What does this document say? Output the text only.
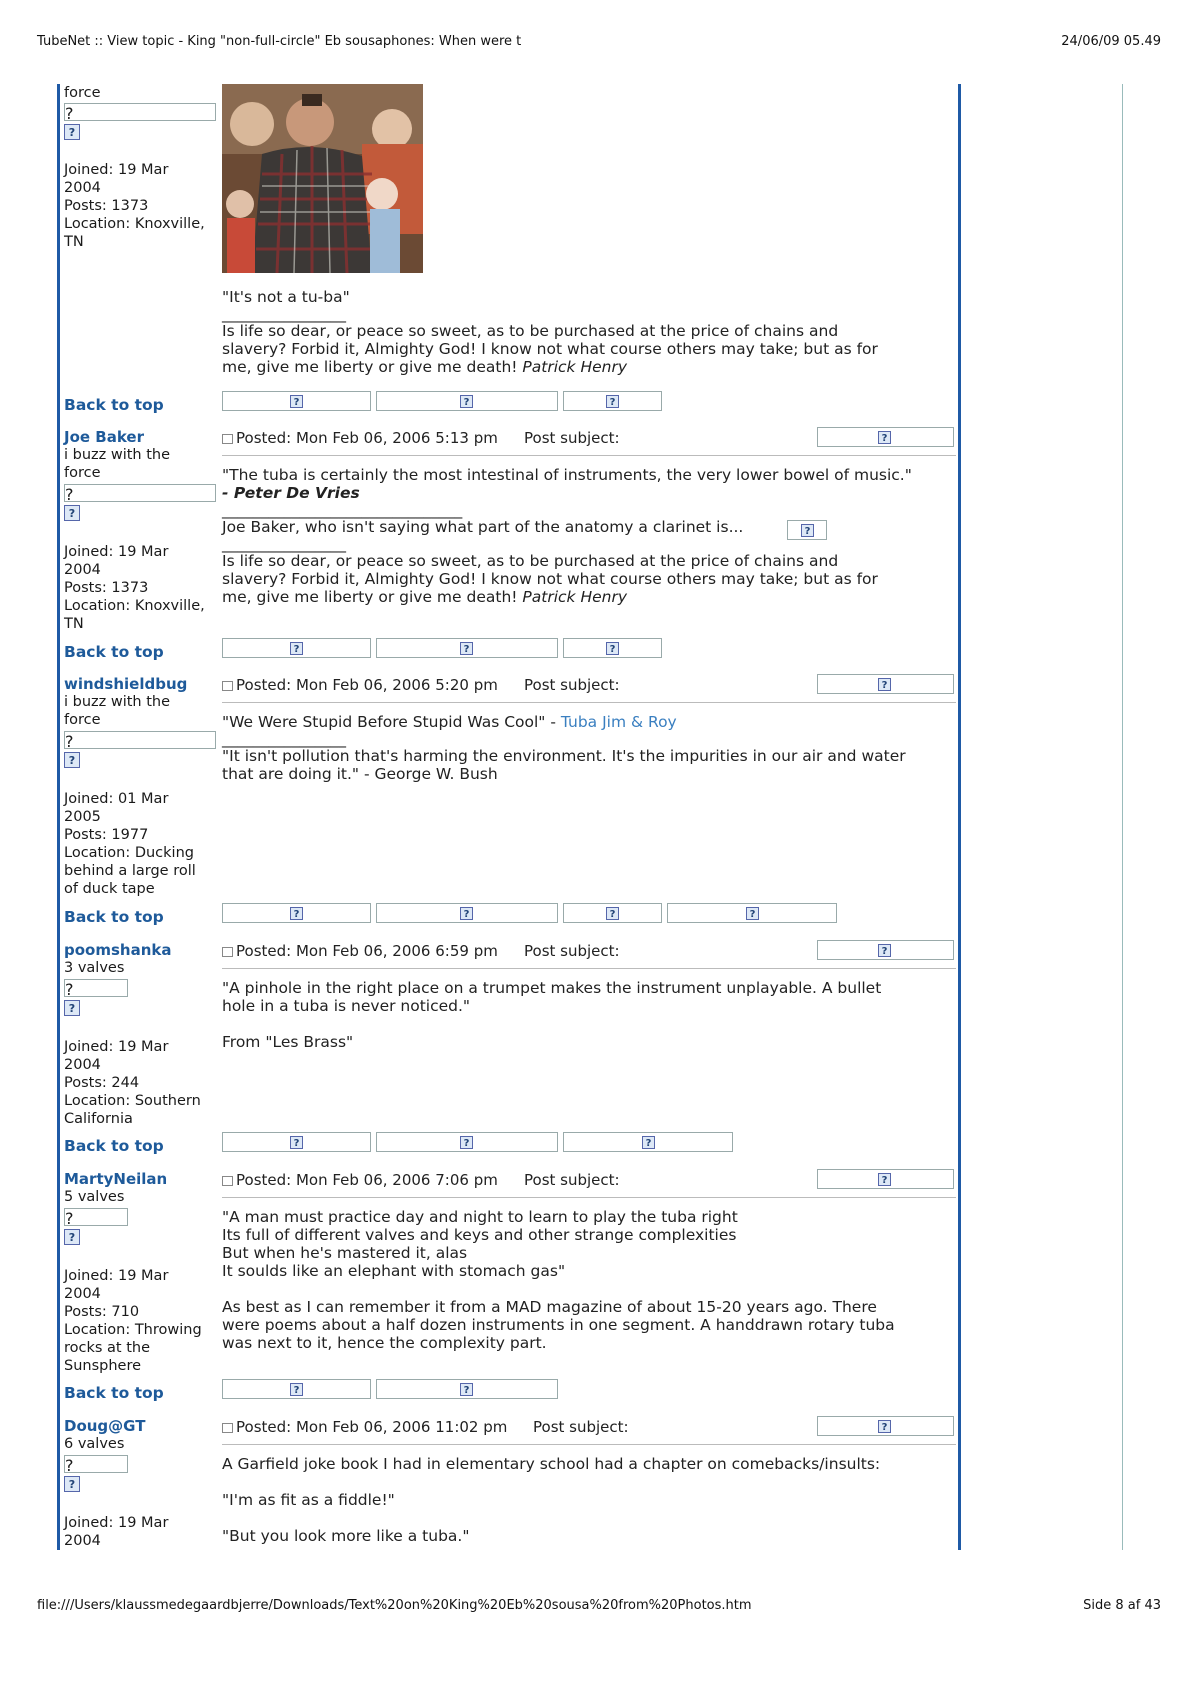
TubeNet :: View topic - King "non-full-circle" Eb sousaphones: When were t	24/06/09 05.49
file:///Users/klaussmedegaardbjerre/Downloads/Text%20on%20King%20Eb%20sousa%20from%20Photos.htm	Side 8 af 43
force
?
?
Joined: 19 Mar
2004
Posts: 1373
Location: Knoxville,
TN

"It's not a tu-ba"

________________

Is life so dear, or peace so sweet, as to be purchased at the price of chains and

slavery? Forbid it, Almighty God! I know not what course others may take; but as for

me, give me liberty or give me death! Patrick Henry

Back to top	?	?	?
Joe Baker
i buzz with the
force
?
?
Joined: 19 Mar
2004
Posts: 1373
Location: Knoxville,
TN
Posted: Mon Feb 06, 2006 5:13 pm Post subject:	?

"The tuba is certainly the most intestinal of instruments, the very lower bowel of music."

- Peter De Vries

_______________________________

Joe Baker, who isn't saying what part of the anatomy a clarinet is...

________________

Is life so dear, or peace so sweet, as to be purchased at the price of chains and

slavery? Forbid it, Almighty God! I know not what course others may take; but as for

me, give me liberty or give me death! Patrick Henry

?
Back to top	?	?	?
windshieldbug
i buzz with the
force
?
?
Joined: 01 Mar
2005
Posts: 1977
Location: Ducking
behind a large roll
of duck tape
Posted: Mon Feb 06, 2006 5:20 pm Post subject:	?

"We Were Stupid Before Stupid Was Cool" - Tuba Jim & Roy

________________

"It isn't pollution that's harming the environment. It's the impurities in our air and water

that are doing it." - George W. Bush

Back to top	?	?	?	?
poomshanka
3 valves
?
?
Joined: 19 Mar
2004
Posts: 244
Location: Southern
California
Posted: Mon Feb 06, 2006 6:59 pm Post subject:	?

"A pinhole in the right place on a trumpet makes the instrument unplayable. A bullet

hole in a tuba is never noticed."

From "Les Brass"

Back to top	?	?	?
MartyNeilan
5 valves
?
?
Joined: 19 Mar
2004
Posts: 710
Location: Throwing
rocks at the
Sunsphere
Posted: Mon Feb 06, 2006 7:06 pm Post subject:	?

"A man must practice day and night to learn to play the tuba right

Its full of different valves and keys and other strange complexities

But when he's mastered it, alas

It soulds like an elephant with stomach gas"

As best as I can remember it from a MAD magazine of about 15-20 years ago. There

were poems about a half dozen instruments in one segment. A handdrawn rotary tuba

was next to it, hence the complexity part.

Back to top	?	?
Doug@GT
6 valves
?
?
Joined: 19 Mar
2004
Posted: Mon Feb 06, 2006 11:02 pm Post subject:	?

A Garfield joke book I had in elementary school had a chapter on comebacks/insults:

"I'm as fit as a fiddle!"

"But you look more like a tuba."
